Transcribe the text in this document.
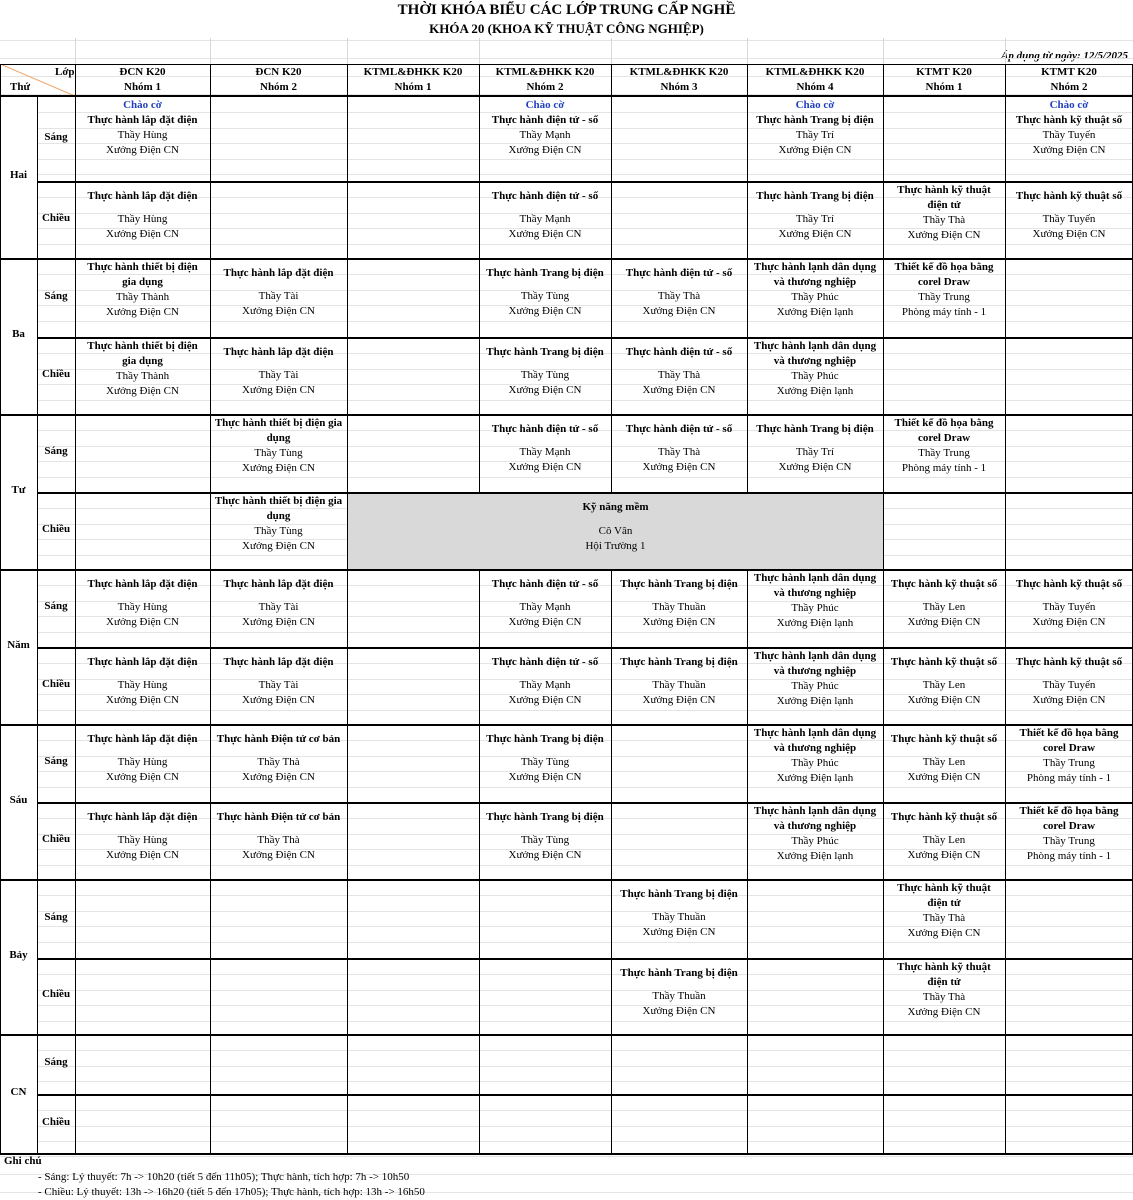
THỜI KHÓA BIỂU CÁC LỚP TRUNG CẤP NGHỀ
KHÓA 20 (KHOA KỸ THUẬT CÔNG NGHIỆP)
Áp dụng từ ngày: 12/5/2025
Lớp
Thứ
ĐCN K20
Nhóm 1
ĐCN K20
Nhóm 2
KTML&ĐHKK K20
Nhóm 1
KTML&ĐHKK K20
Nhóm 2
KTML&ĐHKK K20
Nhóm 3
KTML&ĐHKK K20
Nhóm 4
KTMT K20
Nhóm 1
KTMT K20
Nhóm 2
Hai
Sáng
Chiều
Ba
Sáng
Chiều
Tư
Sáng
Chiều
Năm
Sáng
Chiều
Sáu
Sáng
Chiều
Bảy
Sáng
Chiều
CN
Sáng
Chiều
Chào cờ
Thực hành lắp đặt điện
Thầy Hùng
Xưởng Điện CN
Chào cờ
Thực hành điện tử - số
Thầy Mạnh
Xưởng Điện CN
Chào cờ
Thực hành Trang bị điện
Thầy Trí
Xưởng Điện CN
Chào cờ
Thực hành kỹ thuật số
Thầy Tuyến
Xưởng Điện CN
Thực hành lắp đặt điện
Thầy Hùng
Xưởng Điện CN
Thực hành điện tử - số
Thầy Mạnh
Xưởng Điện CN
Thực hành Trang bị điện
Thầy Trí
Xưởng Điện CN
Thực hành kỹ thuật
điện tử
Thầy Thà
Xưởng Điện CN
Thực hành kỹ thuật số
Thầy Tuyến
Xưởng Điện CN
Thực hành thiết bị điện
gia dụng
Thầy Thành
Xưởng Điện CN
Thực hành lắp đặt điện
Thầy Tài
Xưởng Điện CN
Thực hành Trang bị điện
Thầy Tùng
Xưởng Điện CN
Thực hành điện tử - số
Thầy Thà
Xưởng Điện CN
Thực hành lạnh dân dụng
và thương nghiệp
Thầy Phúc
Xưởng Điện lạnh
Thiết kế đồ họa bằng
corel Draw
Thầy Trung
Phòng máy tính - 1
Thực hành thiết bị điện
gia dụng
Thầy Thành
Xưởng Điện CN
Thực hành lắp đặt điện
Thầy Tài
Xưởng Điện CN
Thực hành Trang bị điện
Thầy Tùng
Xưởng Điện CN
Thực hành điện tử - số
Thầy Thà
Xưởng Điện CN
Thực hành lạnh dân dụng
và thương nghiệp
Thầy Phúc
Xưởng Điện lạnh
Thực hành thiết bị điện gia
dụng
Thầy Tùng
Xưởng Điện CN
Thực hành điện tử - số
Thầy Mạnh
Xưởng Điện CN
Thực hành điện tử - số
Thầy Thà
Xưởng Điện CN
Thực hành Trang bị điện
Thầy Trí
Xưởng Điện CN
Thiết kế đồ họa bằng
corel Draw
Thầy Trung
Phòng máy tính - 1
Thực hành thiết bị điện gia
dụng
Thầy Tùng
Xưởng Điện CN
Thực hành lắp đặt điện
Thầy Hùng
Xưởng Điện CN
Thực hành lắp đặt điện
Thầy Tài
Xưởng Điện CN
Thực hành điện tử - số
Thầy Mạnh
Xưởng Điện CN
Thực hành Trang bị điện
Thầy Thuần
Xưởng Điện CN
Thực hành lạnh dân dụng
và thương nghiệp
Thầy Phúc
Xưởng Điện lạnh
Thực hành kỹ thuật số
Thầy Len
Xưởng Điện CN
Thực hành kỹ thuật số
Thầy Tuyến
Xưởng Điện CN
Thực hành lắp đặt điện
Thầy Hùng
Xưởng Điện CN
Thực hành lắp đặt điện
Thầy Tài
Xưởng Điện CN
Thực hành điện tử - số
Thầy Mạnh
Xưởng Điện CN
Thực hành Trang bị điện
Thầy Thuần
Xưởng Điện CN
Thực hành lạnh dân dụng
và thương nghiệp
Thầy Phúc
Xưởng Điện lạnh
Thực hành kỹ thuật số
Thầy Len
Xưởng Điện CN
Thực hành kỹ thuật số
Thầy Tuyến
Xưởng Điện CN
Thực hành lắp đặt điện
Thầy Hùng
Xưởng Điện CN
Thực hành Điện tử cơ bản
Thầy Thà
Xưởng Điện CN
Thực hành Trang bị điện
Thầy Tùng
Xưởng Điện CN
Thực hành lạnh dân dụng
và thương nghiệp
Thầy Phúc
Xưởng Điện lạnh
Thực hành kỹ thuật số
Thầy Len
Xưởng Điện CN
Thiết kế đồ họa bằng
corel Draw
Thầy Trung
Phòng máy tính - 1
Thực hành lắp đặt điện
Thầy Hùng
Xưởng Điện CN
Thực hành Điện tử cơ bản
Thầy Thà
Xưởng Điện CN
Thực hành Trang bị điện
Thầy Tùng
Xưởng Điện CN
Thực hành lạnh dân dụng
và thương nghiệp
Thầy Phúc
Xưởng Điện lạnh
Thực hành kỹ thuật số
Thầy Len
Xưởng Điện CN
Thiết kế đồ họa bằng
corel Draw
Thầy Trung
Phòng máy tính - 1
Thực hành Trang bị điện
Thầy Thuần
Xưởng Điện CN
Thực hành kỹ thuật
điện tử
Thầy Thà
Xưởng Điện CN
Thực hành Trang bị điện
Thầy Thuần
Xưởng Điện CN
Thực hành kỹ thuật
điện tử
Thầy Thà
Xưởng Điện CN
Kỹ năng mềm
Cô Vân
Hội Trường 1
Ghi chú
- Sáng: Lý thuyết: 7h -> 10h20 (tiết 5 đến 11h05); Thực hành, tích hợp: 7h -> 10h50
- Chiều: Lý thuyết: 13h -> 16h20 (tiết 5 đến 17h05); Thực hành, tích hợp: 13h -> 16h50
